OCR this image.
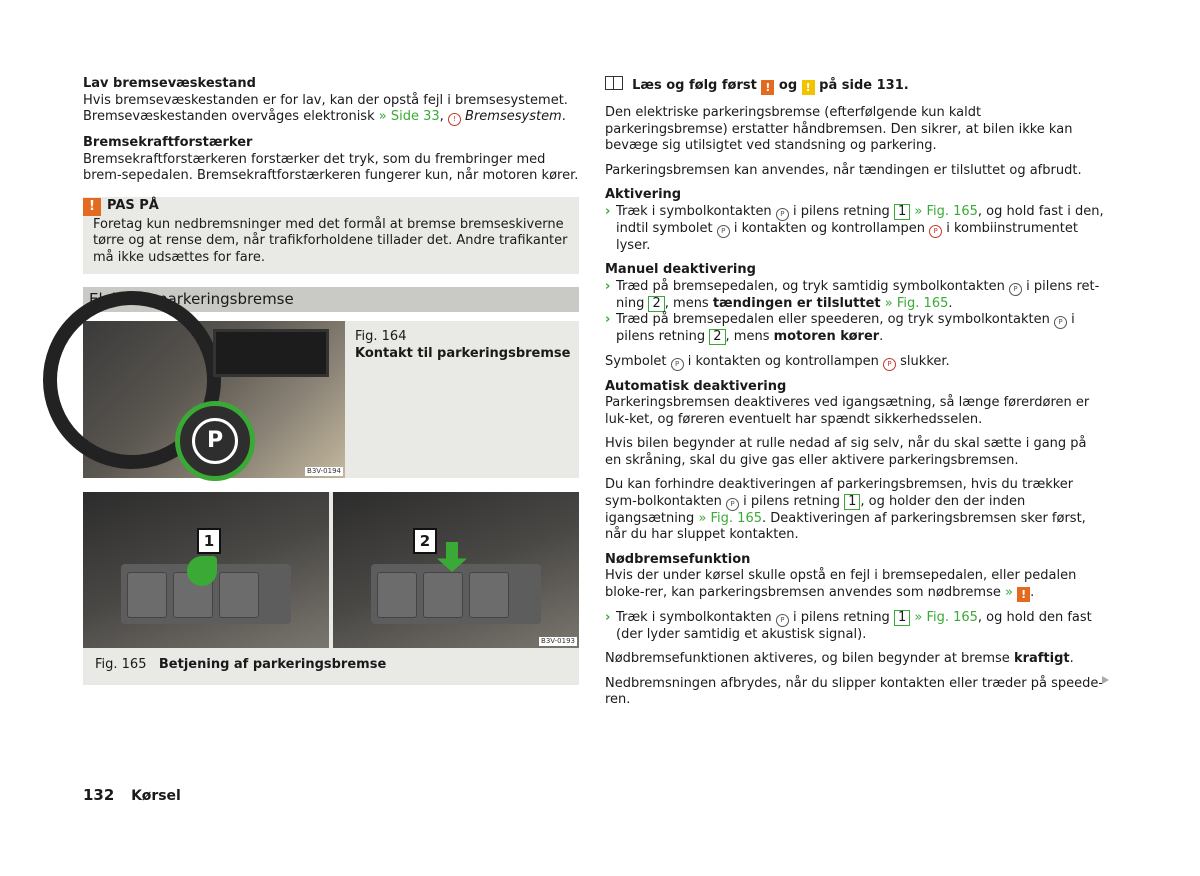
Lav bremsevæskestand
Hvis bremsevæskestanden er for lav, kan der opstå fejl i bremsesystemet. Bremsevæskestanden overvåges elektronisk » Side 33, ! Bremsesystem.

Bremsekraftforstærker
Bremsekraftforstærkeren forstærker det tryk, som du frembringer med brem-sepedalen. Bremsekraftforstærkeren fungerer kun, når motoren kører.

! PAS PÅ
Foretag kun nedbremsninger med det formål at bremse bremseskiverne tørre og at rense dem, når trafikforholdene tillader det. Andre trafikanter må ikke udsættes for fare.
Elektrisk parkeringsbremse
P
B3V-0194
Fig. 164
Kontakt til parkeringsbremse
1	2
B3V-0193
Fig. 165 Betjening af parkeringsbremse

Læs og følg først ! og ! på side 131.

Den elektriske parkeringsbremse (efterfølgende kun kaldt parkeringsbremse) erstatter håndbremsen. Den sikrer, at bilen ikke kan bevæge sig utilsigtet ved standsning og parkering.

Parkeringsbremsen kan anvendes, når tændingen er tilsluttet og afbrudt.

Aktivering

› Træk i symbolkontakten P i pilens retning 1 » Fig. 165, og hold fast i den, indtil symbolet P i kontakten og kontrollampen P i kombiinstrumentet lyser.

Manuel deaktivering

› Træd på bremsepedalen, og tryk samtidig symbolkontakten P i pilens ret-ning 2 , mens tændingen er tilsluttet » Fig. 165.
› Træd på bremsepedalen eller speederen, og tryk symbolkontakten P i pilens retning 2 , mens motoren kører.

Symbolet P i kontakten og kontrollampen P slukker.

Automatisk deaktivering

Parkeringsbremsen deaktiveres ved igangsætning, så længe førerdøren er luk-ket, og føreren eventuelt har spændt sikkerhedsselen.

Hvis bilen begynder at rulle nedad af sig selv, når du skal sætte i gang på en skråning, skal du give gas eller aktivere parkeringsbremsen.

Du kan forhindre deaktiveringen af parkeringsbremsen, hvis du trækker sym-bolkontakten P i pilens retning 1 , og holder den der inden igangsætning » Fig. 165. Deaktiveringen af parkeringsbremsen sker først, når du har sluppet kontakten.

Nødbremsefunktion

Hvis der under kørsel skulle opstå en fejl i bremsepedalen, eller pedalen bloke-rer, kan parkeringsbremsen anvendes som nødbremse » ! .

› Træk i symbolkontakten P i pilens retning 1 » Fig. 165, og hold den fast (der lyder samtidig et akustisk signal).

Nødbremsefunktionen aktiveres, og bilen begynder at bremse kraftigt.

Nedbremsningen afbrydes, når du slipper kontakten eller træder på speede-ren.

132 Kørsel
